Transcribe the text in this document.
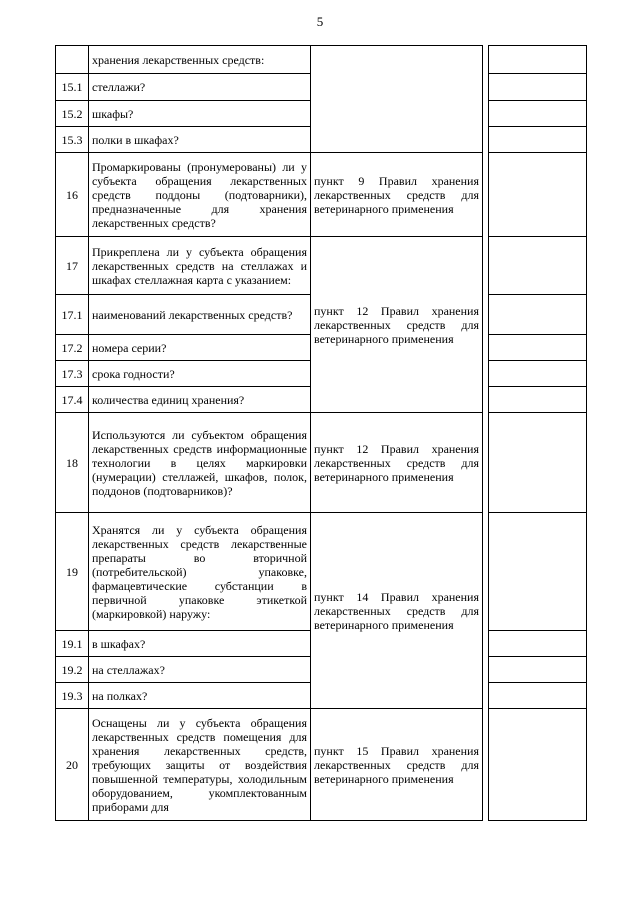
5
	хранения лекарственных средств:			
15.1	стеллажи?			
15.2	шкафы?			
15.3	полки в шкафах?			
16	Промаркированы (пронумерованы) ли у субъекта обращения лекарственных средств поддоны (подтоварники), предназначенные для хранения лекарственных средств?	пункт 9 Правил хранения лекарственных средств для ветеринарного применения		

17	Прикреплена ли у субъекта обращения лекарственных средств на стеллажах и шкафах стеллажная карта с указанием:	пункт 12 Правил хранения лекарственных средств для ветеринарного применения		

17.1	наименований лекарственных средств?			
17.2	номера серии?			
17.3	срока годности?			
17.4	количества единиц хранения?			
18	Используются ли субъектом обращения лекарственных средств информационные технологии в целях маркировки (нумерации) стеллажей, шкафов, полок, поддонов (подтоварников)?	пункт 12 Правил хранения лекарственных средств для ветеринарного применения		

19	Хранятся ли у субъекта обращения лекарственных средств лекарственные препараты во вторичной (потребительской) упаковке, фармацевтические субстанции в первичной упаковке этикеткой (маркировкой) наружу:	пункт 14 Правил хранения лекарственных средств для ветеринарного применения		

19.1	в шкафах?			
19.2	на стеллажах?			
19.3	на полках?			
20	Оснащены ли у субъекта обращения лекарственных средств помещения для хранения лекарственных средств, требующих защиты от воздействия повышенной температуры, холодильным оборудованием, укомплектованным приборами для	пункт 15 Правил хранения лекарственных средств для ветеринарного применения		
